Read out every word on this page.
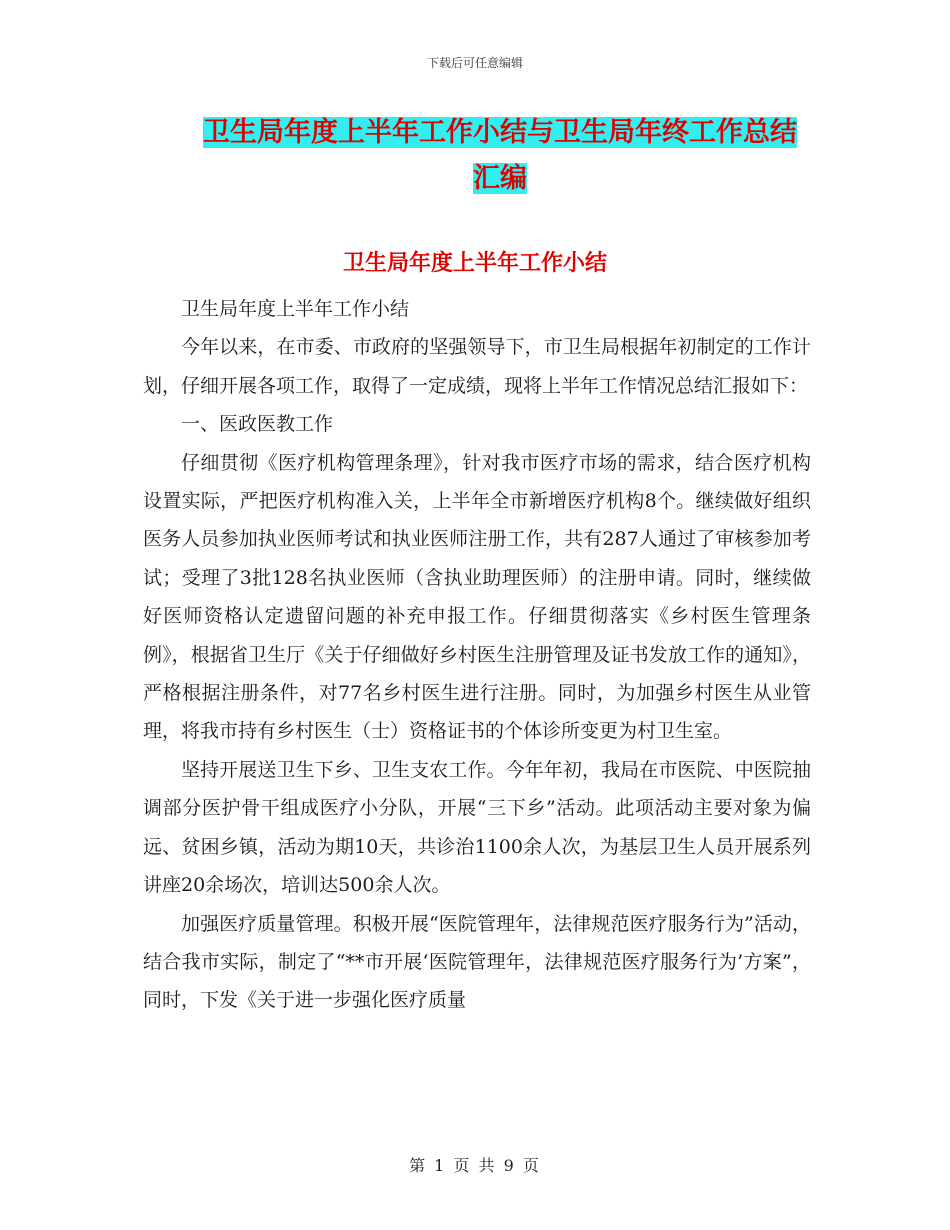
下载后可任意编辑
卫生局年度上半年工作小结与卫生局年终工作总结汇编
卫生局年度上半年工作小结

卫生局年度上半年工作小结

今年以来，在市委、市政府的坚强领导下，市卫生局根据年初制定的工作计划，仔细开展各项工作，取得了一定成绩，现将上半年工作情况总结汇报如下：

一、医政医教工作

仔细贯彻《医疗机构管理条理》，针对我市医疗市场的需求，结合医疗机构设置实际，严把医疗机构准入关，上半年全市新增医疗机构8个。继续做好组织医务人员参加执业医师考试和执业医师注册工作，共有287人通过了审核参加考试；受理了3批128名执业医师（含执业助理医师）的注册申请。同时，继续做好医师资格认定遗留问题的补充申报工作。仔细贯彻落实《乡村医生管理条例》，根据省卫生厅《关于仔细做好乡村医生注册管理及证书发放工作的通知》，严格根据注册条件，对77名乡村医生进行注册。同时，为加强乡村医生从业管理，将我市持有乡村医生（士）资格证书的个体诊所变更为村卫生室。

坚持开展送卫生下乡、卫生支农工作。今年年初，我局在市医院、中医院抽调部分医护骨干组成医疗小分队，开展“三下乡”活动。此项活动主要对象为偏远、贫困乡镇，活动为期10天，共诊治1100余人次，为基层卫生人员开展系列讲座20余场次，培训达500余人次。

加强医疗质量管理。积极开展“医院管理年，法律规范医疗服务行为”活动，结合我市实际，制定了“**市开展‘医院管理年，法律规范医疗服务行为’方案”，同时，下发《关于进一步强化医疗质量

第 1 页 共 9 页
